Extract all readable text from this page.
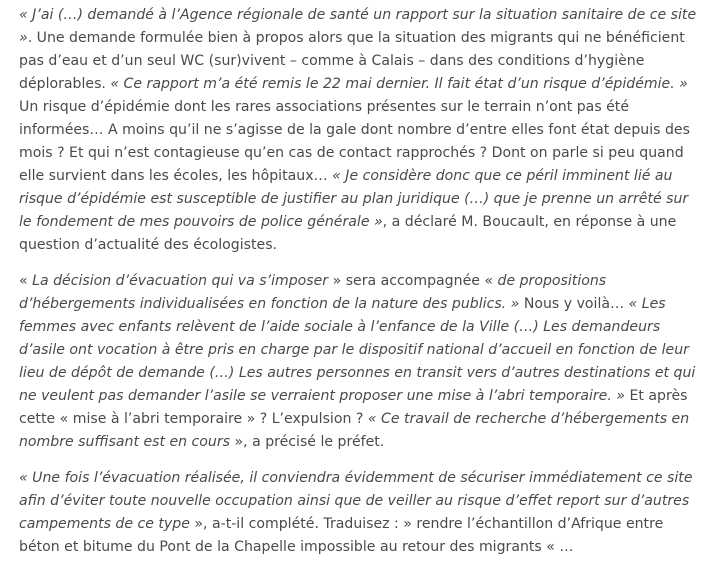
« J’ai (…) demandé à l’Agence régionale de santé un rapport sur la situation sanitaire de ce site ». Une demande formulée bien à propos alors que la situation des migrants qui ne bénéficient pas d’eau et d’un seul WC (sur)vivent – comme à Calais – dans des conditions d’hygiène déplorables. « Ce rapport m’a été remis le 22 mai dernier. Il fait état d’un risque d’épidémie. » Un risque d’épidémie dont les rares associations présentes sur le terrain n’ont pas été informées… A moins qu’il ne s’agisse de la gale dont nombre d’entre elles font état depuis des mois ? Et qui n’est contagieuse qu’en cas de contact rapprochés ? Dont on parle si peu quand elle survient dans les écoles, les hôpitaux… « Je considère donc que ce péril imminent lié au risque d’épidémie est susceptible de justifier au plan juridique (…) que je prenne un arrêté sur le fondement de mes pouvoirs de police générale », a déclaré M. Boucault, en réponse à une question d’actualité des écologistes.

« La décision d’évacuation qui va s’imposer » sera accompagnée « de propositions d’hébergements individualisées en fonction de la nature des publics. » Nous y voilà… « Les femmes avec enfants relèvent de l’aide sociale à l’enfance de la Ville (…) Les demandeurs d’asile ont vocation à être pris en charge par le dispositif national d’accueil en fonction de leur lieu de dépôt de demande (…) Les autres personnes en transit vers d’autres destinations et qui ne veulent pas demander l’asile se verraient proposer une mise à l’abri temporaire. » Et après cette « mise à l’abri temporaire » ? L’expulsion ? « Ce travail de recherche d’hébergements en nombre suffisant est en cours », a précisé le préfet.

« Une fois l’évacuation réalisée, il conviendra évidemment de sécuriser immédiatement ce site afin d’éviter toute nouvelle occupation ainsi que de veiller au risque d’effet report sur d’autres campements de ce type », a-t-il complété. Traduisez : » rendre l’échantillon d’Afrique entre béton et bitume du Pont de la Chapelle impossible au retour des migrants « …
